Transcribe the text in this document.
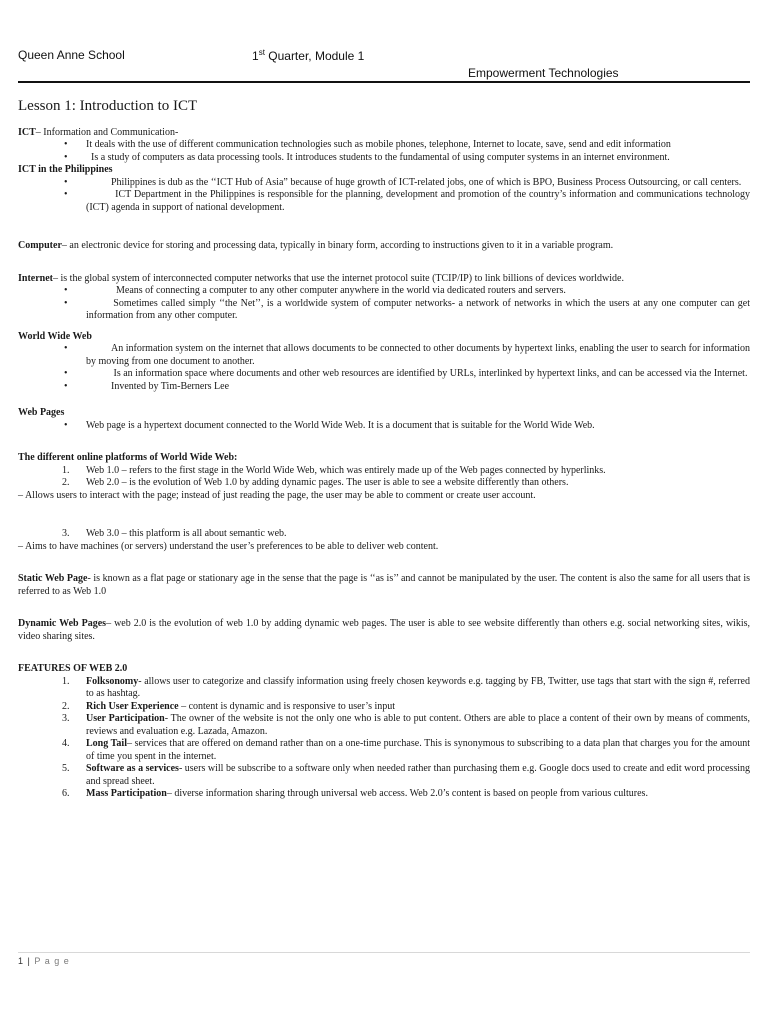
Queen Anne School	1st Quarter, Module 1
Empowerment Technologies
Lesson 1: Introduction to ICT
ICT– Information and Communication-
• It deals with the use of different communication technologies such as mobile phones, telephone, Internet to locate, save, send and edit information
• Is a study of computers as data processing tools. It introduces students to the fundamental of using computer systems in an internet environment.
ICT in the Philippines
•	Philippines is dub as the ‘‘ICT Hub of Asia” because of huge growth of ICT-related jobs, one of which is BPO, Business Process Outsourcing, or call centers.
•	ICT Department in the Philippines is responsible for the planning, development and promotion of the country’s information and communications technology (ICT) agenda in support of national development.
Computer– an electronic device for storing and processing data, typically in binary form, according to instructions given to it in a variable program.
Internet– is the global system of interconnected computer networks that use the internet protocol suite (TCIP/IP) to link billions of devices worldwide.
•	Means of connecting a computer to any other computer anywhere in the world via dedicated routers and servers.
•	Sometimes called simply ‘‘the Net’’, is a worldwide system of computer networks- a network of networks in which the users at any one computer can get information from any other computer.
World Wide Web
•	An information system on the internet that allows documents to be connected to other documents by hypertext links, enabling the user to search for information by moving from one document to another.
•	Is an information space where documents and other web resources are identified by URLs, interlinked by hypertext links, and can be accessed via the Internet.
•	Invented by Tim-Berners Lee
Web Pages
• Web page is a hypertext document connected to the World Wide Web. It is a document that is suitable for the World Wide Web.
The different online platforms of World Wide Web:
1. Web 1.0 – refers to the first stage in the World Wide Web, which was entirely made up of the Web pages connected by hyperlinks.
2. Web 2.0 – is the evolution of Web 1.0 by adding dynamic pages. The user is able to see a website differently than others.
– Allows users to interact with the page; instead of just reading the page, the user may be able to comment or create user account.
3. Web 3.0 – this platform is all about semantic web.
– Aims to have machines (or servers) understand the user’s preferences to be able to deliver web content.
Static Web Page- is known as a flat page or stationary age in the sense that the page is ‘‘as is’’ and cannot be manipulated by the user. The content is also the same for all users that is referred to as Web 1.0
Dynamic Web Pages– web 2.0 is the evolution of web 1.0 by adding dynamic web pages. The user is able to see website differently than others e.g. social networking sites, wikis, video sharing sites.
FEATURES OF WEB 2.0
1. Folksonomy- allows user to categorize and classify information using freely chosen keywords e.g. tagging by FB, Twitter, use tags that start with the sign #, referred to as hashtag.
2. Rich User Experience – content is dynamic and is responsive to user’s input
3. User Participation- The owner of the website is not the only one who is able to put content. Others are able to place a content of their own by means of comments, reviews and evaluation e.g. Lazada, Amazon.
4. Long Tail– services that are offered on demand rather than on a one-time purchase. This is synonymous to subscribing to a data plan that charges you for the amount of time you spent in the internet.
5. Software as a services- users will be subscribe to a software only when needed rather than purchasing them e.g. Google docs used to create and edit word processing and spread sheet.
6. Mass Participation– diverse information sharing through universal web access. Web 2.0’s content is based on people from various cultures.
1 | P a g e
